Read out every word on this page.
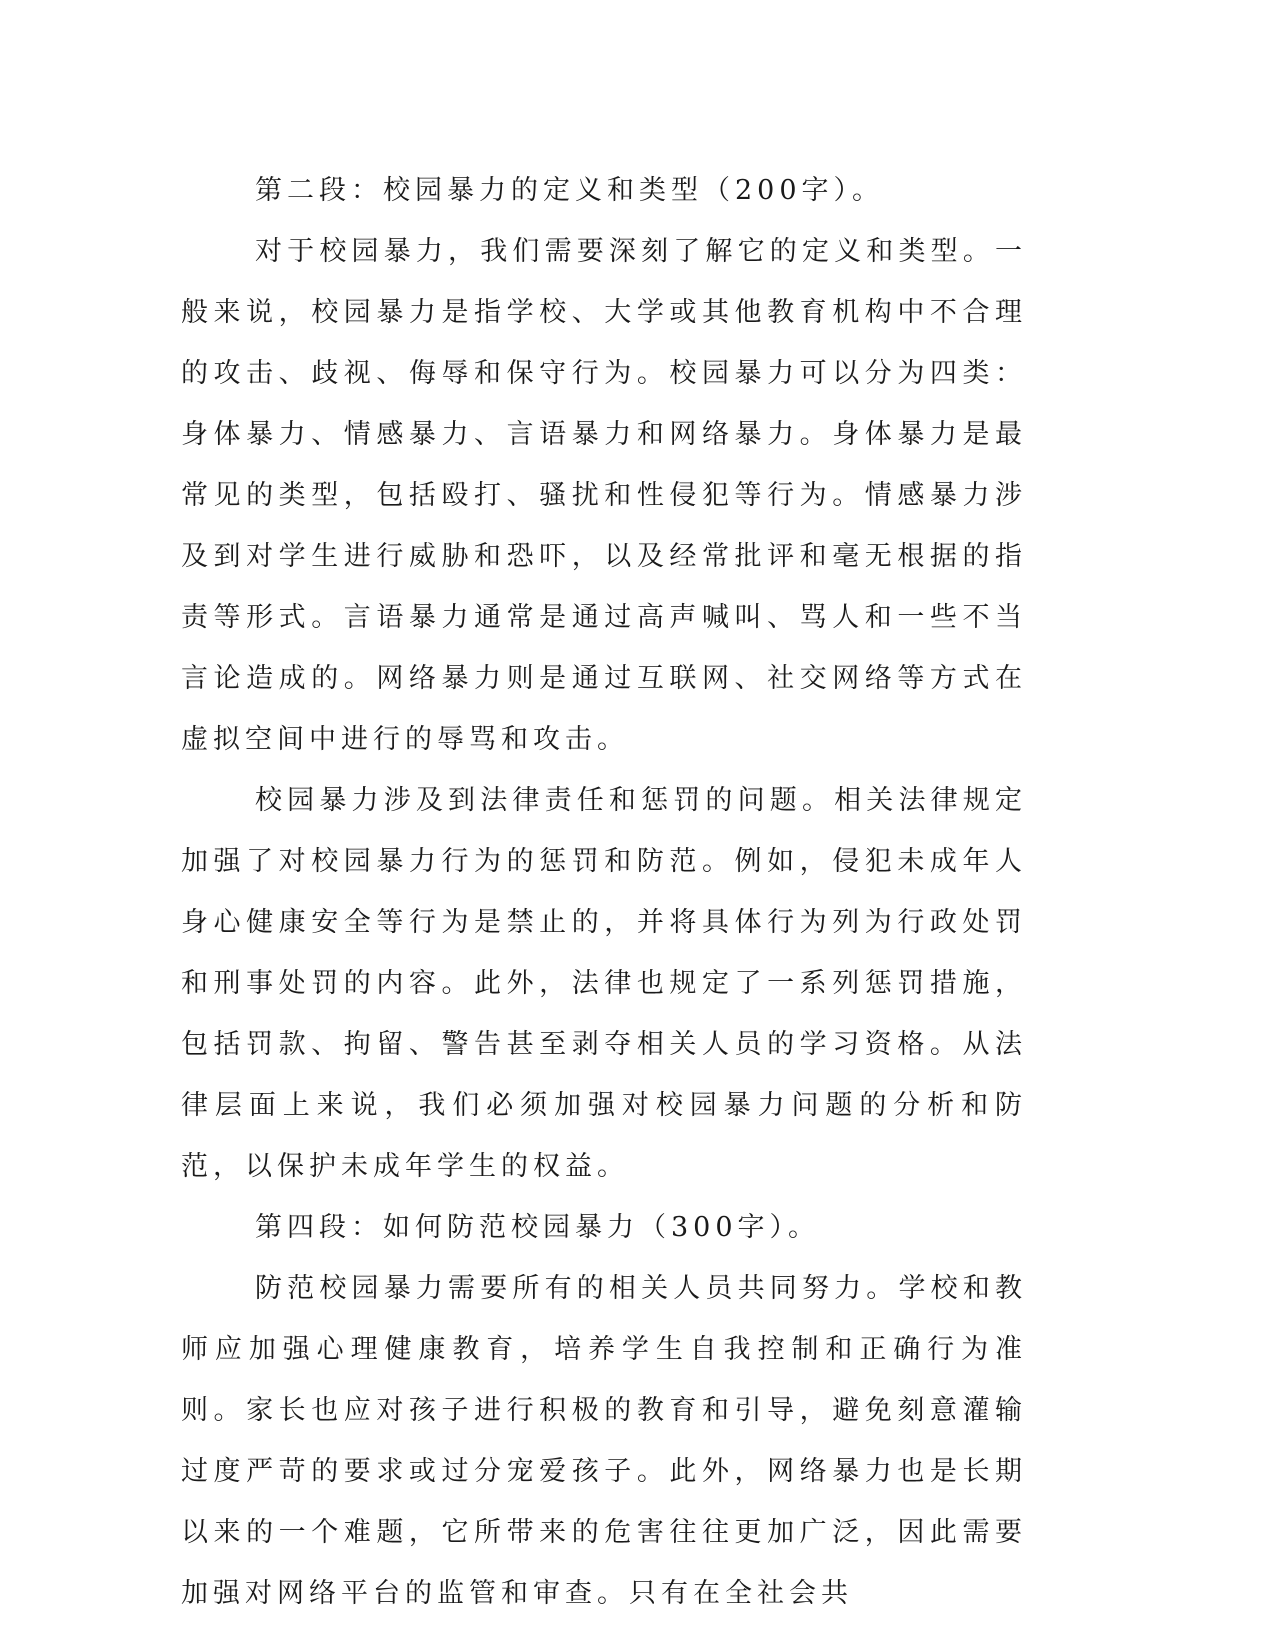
第二段：校园暴力的定义和类型（200字）。

对于校园暴力，我们需要深刻了解它的定义和类型。一般来说，校园暴力是指学校、大学或其他教育机构中不合理的攻击、歧视、侮辱和保守行为。校园暴力可以分为四类：身体暴力、情感暴力、言语暴力和网络暴力。身体暴力是最常见的类型，包括殴打、骚扰和性侵犯等行为。情感暴力涉及到对学生进行威胁和恐吓，以及经常批评和毫无根据的指责等形式。言语暴力通常是通过高声喊叫、骂人和一些不当言论造成的。网络暴力则是通过互联网、社交网络等方式在虚拟空间中进行的辱骂和攻击。

校园暴力涉及到法律责任和惩罚的问题。相关法律规定加强了对校园暴力行为的惩罚和防范。例如，侵犯未成年人身心健康安全等行为是禁止的，并将具体行为列为行政处罚和刑事处罚的内容。此外，法律也规定了一系列惩罚措施，包括罚款、拘留、警告甚至剥夺相关人员的学习资格。从法律层面上来说，我们必须加强对校园暴力问题的分析和防范，以保护未成年学生的权益。

第四段：如何防范校园暴力（300字）。

防范校园暴力需要所有的相关人员共同努力。学校和教师应加强心理健康教育，培养学生自我控制和正确行为准则。家长也应对孩子进行积极的教育和引导，避免刻意灌输过度严苛的要求或过分宠爱孩子。此外，网络暴力也是长期以来的一个难题，它所带来的危害往往更加广泛，因此需要加强对网络平台的监管和审查。只有在全社会共
